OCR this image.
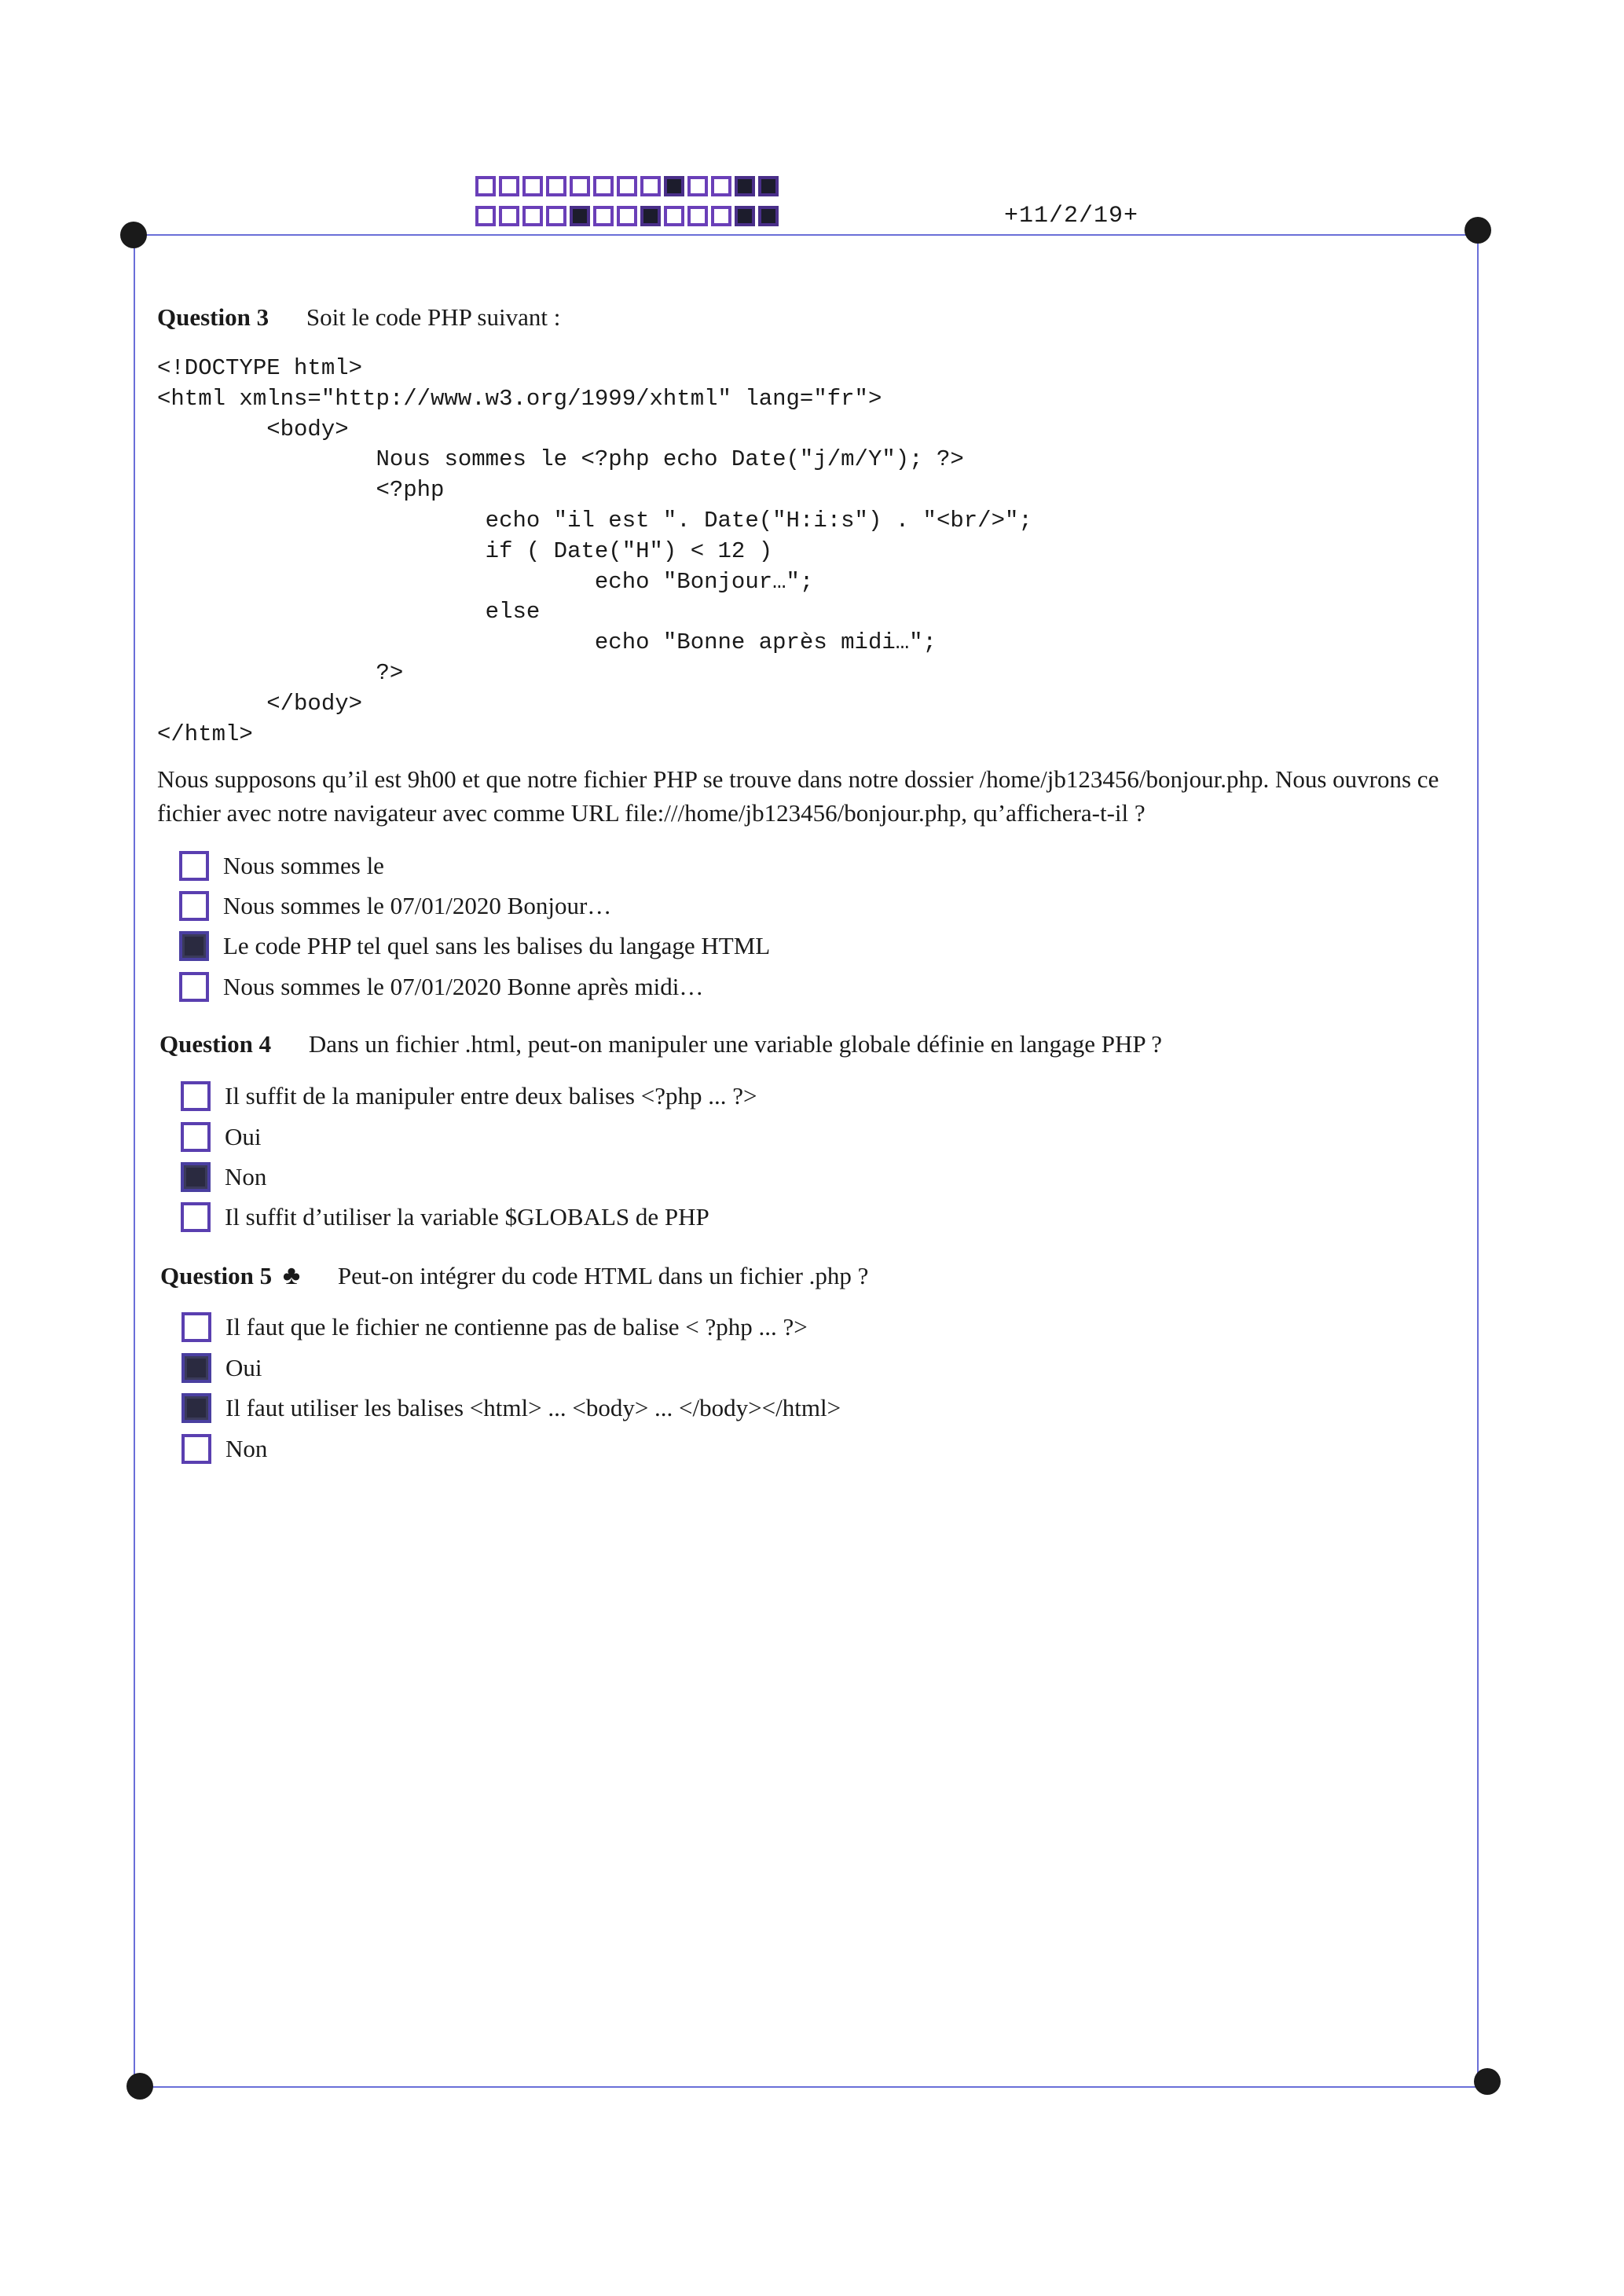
+11/2/19+
Question 3 Soit le code PHP suivant :
<!DOCTYPE html>
<html xmlns="http://www.w3.org/1999/xhtml" lang="fr">
<body>
Nous sommes le <?php echo Date("j/m/Y"); ?>
<?php
echo "il est ". Date("H:i:s") . "<br/>";
if ( Date("H") < 12 )
echo "Bonjour…";
else
echo "Bonne après midi…";
?>
</body>
</html>
Nous supposons qu’il est 9h00 et que notre fichier PHP se trouve dans notre dossier /home/jb123456/bonjour.php. Nous ouvrons ce fichier avec notre navigateur avec comme URL file:///home/jb123456/bonjour.php, qu’affichera-t-il ?
Nous sommes le
Nous sommes le 07/01/2020 Bonjour…
Le code PHP tel quel sans les balises du langage HTML
Nous sommes le 07/01/2020 Bonne après midi…
Question 4 Dans un fichier .html, peut-on manipuler une variable globale définie en langage PHP ?
Il suffit de la manipuler entre deux balises <?php ... ?>
Oui
Non
Il suffit d’utiliser la variable $GLOBALS de PHP
Question 5 ♣ Peut-on intégrer du code HTML dans un fichier .php ?
Il faut que le fichier ne contienne pas de balise < ?php ... ?>
Oui
Il faut utiliser les balises <html> ... <body> ... </body></html>
Non
